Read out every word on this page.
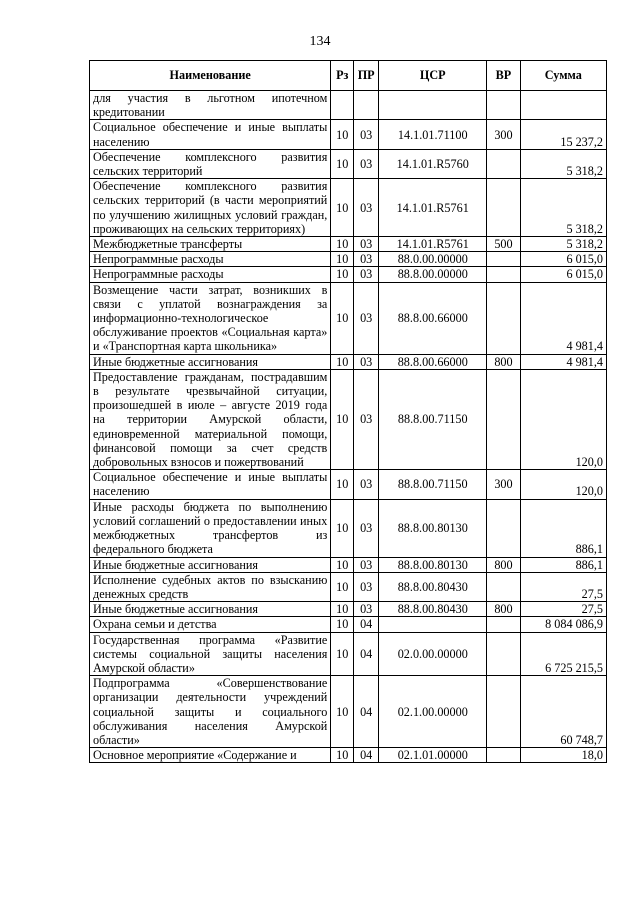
134
Наименование	Рз	ПР	ЦСР	ВР	Сумма
для участия в льготном ипотечном кредитовании					
Социальное обеспечение и иные выплаты населению	10	03	14.1.01.71100	300	15 237,2
Обеспечение комплексного развития сельских территорий	10	03	14.1.01.R5760		5 318,2
Обеспечение комплексного развития сельских территорий (в части мероприятий по улучшению жилищных условий граждан, проживающих на сельских территориях)	10	03	14.1.01.R5761		5 318,2
Межбюджетные трансферты	10	03	14.1.01.R5761	500	5 318,2
Непрограммные расходы	10	03	88.0.00.00000		6 015,0
Непрограммные расходы	10	03	88.8.00.00000		6 015,0
Возмещение части затрат, возникших в связи с уплатой вознаграждения за информационно-технологическое обслуживание проектов «Социальная карта» и «Транспортная карта школьника»	10	03	88.8.00.66000		4 981,4
Иные бюджетные ассигнования	10	03	88.8.00.66000	800	4 981,4
Предоставление гражданам, пострадавшим в результате чрезвычайной ситуации, произошедшей в июле – августе 2019 года на территории Амурской области, единовременной материальной помощи, финансовой помощи за счет средств добровольных взносов и пожертвований	10	03	88.8.00.71150		120,0
Социальное обеспечение и иные выплаты населению	10	03	88.8.00.71150	300	120,0
Иные расходы бюджета по выполнению условий соглашений о предоставлении иных межбюджетных трансфертов из федерального бюджета	10	03	88.8.00.80130		886,1
Иные бюджетные ассигнования	10	03	88.8.00.80130	800	886,1
Исполнение судебных актов по взысканию денежных средств	10	03	88.8.00.80430		27,5
Иные бюджетные ассигнования	10	03	88.8.00.80430	800	27,5
Охрана семьи и детства	10	04			8 084 086,9
Государственная программа «Развитие системы социальной защиты населения Амурской области»	10	04	02.0.00.00000		6 725 215,5
Подпрограмма «Совершенствование организации деятельности учреждений социальной защиты и социального обслуживания населения Амурской области»	10	04	02.1.00.00000		60 748,7
Основное мероприятие «Содержание и	10	04	02.1.01.00000		18,0
